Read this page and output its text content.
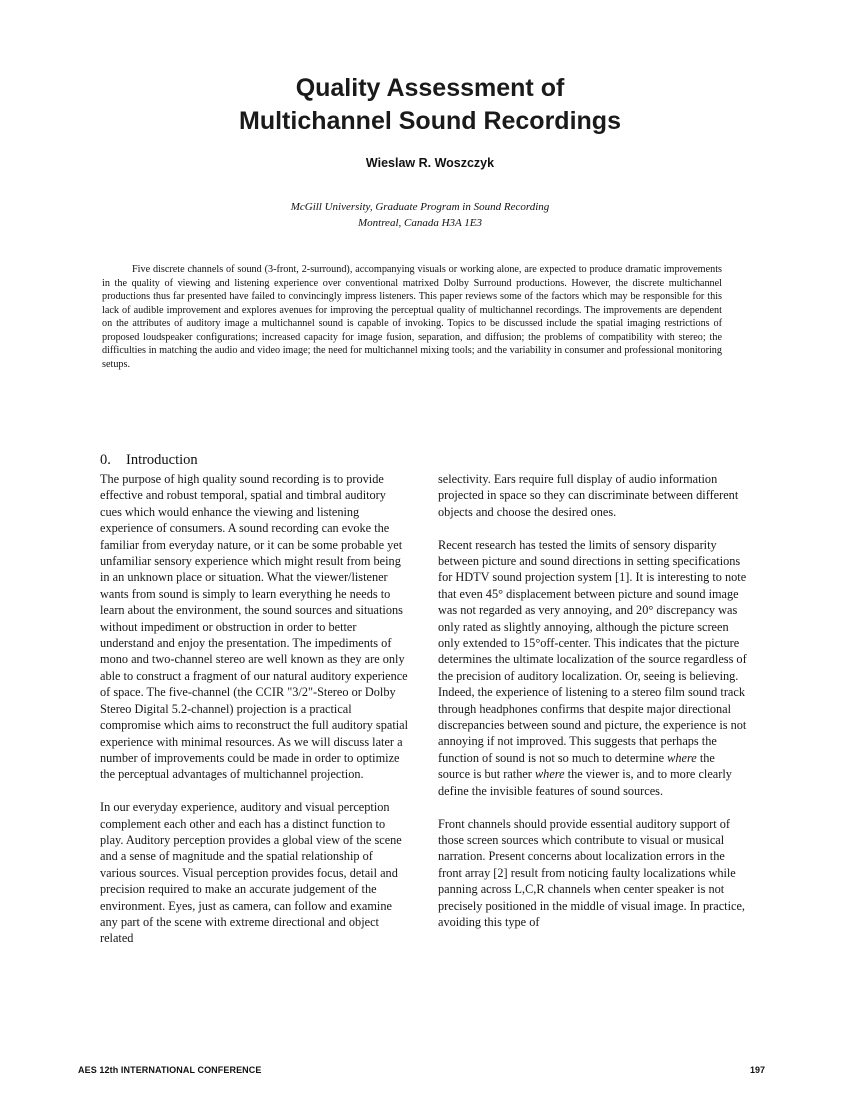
Quality Assessment of
Multichannel Sound Recordings
Wieslaw R. Woszczyk
McGill University, Graduate Program in Sound Recording
Montreal, Canada H3A 1E3
Five discrete channels of sound (3-front, 2-surround), accompanying visuals or working alone, are expected to produce dramatic improvements in the quality of viewing and listening experience over conventional matrixed Dolby Surround productions. However, the discrete multichannel productions thus far presented have failed to convincingly impress listeners. This paper reviews some of the factors which may be responsible for this lack of audible improvement and explores avenues for improving the perceptual quality of multichannel recordings. The improvements are dependent on the attributes of auditory image a multichannel sound is capable of invoking. Topics to be discussed include the spatial imaging restrictions of proposed loudspeaker configurations; increased capacity for image fusion, separation, and diffusion; the problems of compatibility with stereo; the difficulties in matching the audio and video image; the need for multichannel mixing tools; and the variability in consumer and professional monitoring setups.
0. Introduction

The purpose of high quality sound recording is to provide effective and robust temporal, spatial and timbral auditory cues which would enhance the viewing and listening experience of consumers. A sound recording can evoke the familiar from everyday nature, or it can be some probable yet unfamiliar sensory experience which might result from being in an unknown place or situation. What the viewer/listener wants from sound is simply to learn everything he needs to learn about the environment, the sound sources and situations without impediment or obstruction in order to better understand and enjoy the presentation. The impediments of mono and two-channel stereo are well known as they are only able to construct a fragment of our natural auditory experience of space. The five-channel (the CCIR "3/2"-Stereo or Dolby Stereo Digital 5.2-channel) projection is a practical compromise which aims to reconstruct the full auditory spatial experience with minimal resources. As we will discuss later a number of improvements could be made in order to optimize the perceptual advantages of multichannel projection.

In our everyday experience, auditory and visual perception complement each other and each has a distinct function to play. Auditory perception provides a global view of the scene and a sense of magnitude and the spatial relationship of various sources. Visual perception provides focus, detail and precision required to make an accurate judgement of the environment. Eyes, just as camera, can follow and examine any part of the scene with extreme directional and object related

selectivity. Ears require full display of audio information projected in space so they can discriminate between different objects and choose the desired ones.

Recent research has tested the limits of sensory disparity between picture and sound directions in setting specifications for HDTV sound projection system [1]. It is interesting to note that even 45° displacement between picture and sound image was not regarded as very annoying, and 20° discrepancy was only rated as slightly annoying, although the picture screen only extended to 15°off-center. This indicates that the picture determines the ultimate localization of the source regardless of the precision of auditory localization. Or, seeing is believing. Indeed, the experience of listening to a stereo film sound track through headphones confirms that despite major directional discrepancies between sound and picture, the experience is not annoying if not improved. This suggests that perhaps the function of sound is not so much to determine where the source is but rather where the viewer is, and to more clearly define the invisible features of sound sources.

Front channels should provide essential auditory support of those screen sources which contribute to visual or musical narration. Present concerns about localization errors in the front array [2] result from noticing faulty localizations while panning across L,C,R channels when center speaker is not precisely positioned in the middle of visual image. In practice, avoiding this type of

AES 12th INTERNATIONAL CONFERENCE	197
